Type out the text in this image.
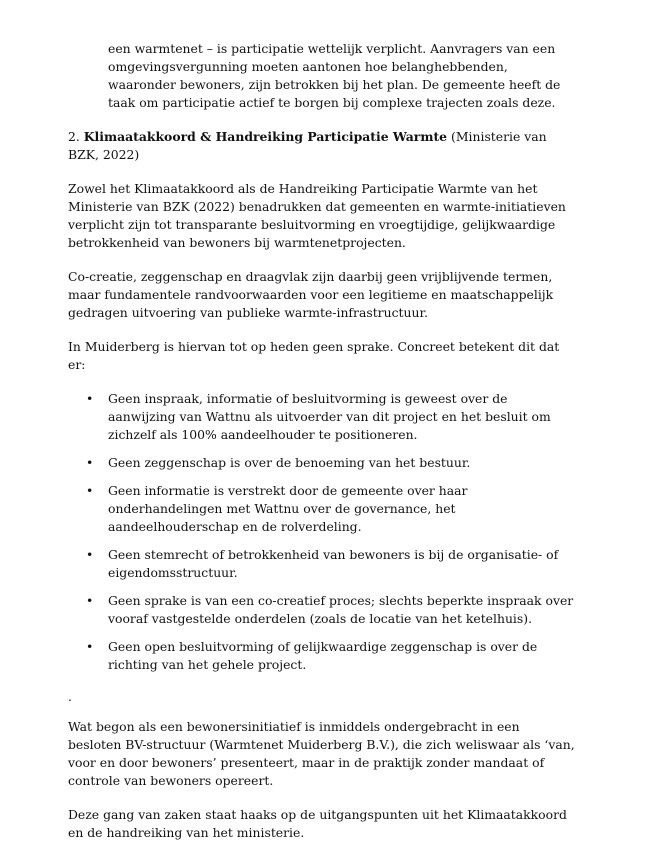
een warmtenet – is participatie wettelijk verplicht. Aanvragers van een omgevingsvergunning moeten aantonen hoe belanghebbenden, waaronder bewoners, zijn betrokken bij het plan. De gemeente heeft de taak om participatie actief te borgen bij complexe trajecten zoals deze.

2. Klimaatakkoord & Handreiking Participatie Warmte (Ministerie van BZK, 2022)

Zowel het Klimaatakkoord als de Handreiking Participatie Warmte van het Ministerie van BZK (2022) benadrukken dat gemeenten en warmte-initiatieven verplicht zijn tot transparante besluitvorming en vroegtijdige, gelijkwaardige betrokkenheid van bewoners bij warmtenetprojecten.

Co-creatie, zeggenschap en draagvlak zijn daarbij geen vrijblijvende termen, maar fundamentele randvoorwaarden voor een legitieme en maatschappelijk gedragen uitvoering van publieke warmte-infrastructuur.

In Muiderberg is hiervan tot op heden geen sprake. Concreet betekent dit dat er:

• Geen inspraak, informatie of besluitvorming is geweest over de aanwijzing van Wattnu als uitvoerder van dit project en het besluit om zichzelf als 100% aandeelhouder te positioneren.
• Geen zeggenschap is over de benoeming van het bestuur.
• Geen informatie is verstrekt door de gemeente over haar onderhandelingen met Wattnu over de governance, het aandeelhouderschap en de rolverdeling.
• Geen stemrecht of betrokkenheid van bewoners is bij de organisatie- of eigendomsstructuur.
• Geen sprake is van een co-creatief proces; slechts beperkte inspraak over vooraf vastgestelde onderdelen (zoals de locatie van het ketelhuis).
• Geen open besluitvorming of gelijkwaardige zeggenschap is over de richting van het gehele project.

.

Wat begon als een bewonersinitiatief is inmiddels ondergebracht in een besloten BV-structuur (Warmtenet Muiderberg B.V.), die zich weliswaar als ‘van, voor en door bewoners’ presenteert, maar in de praktijk zonder mandaat of controle van bewoners opereert.

Deze gang van zaken staat haaks op de uitgangspunten uit het Klimaatakkoord en de handreiking van het ministerie.
